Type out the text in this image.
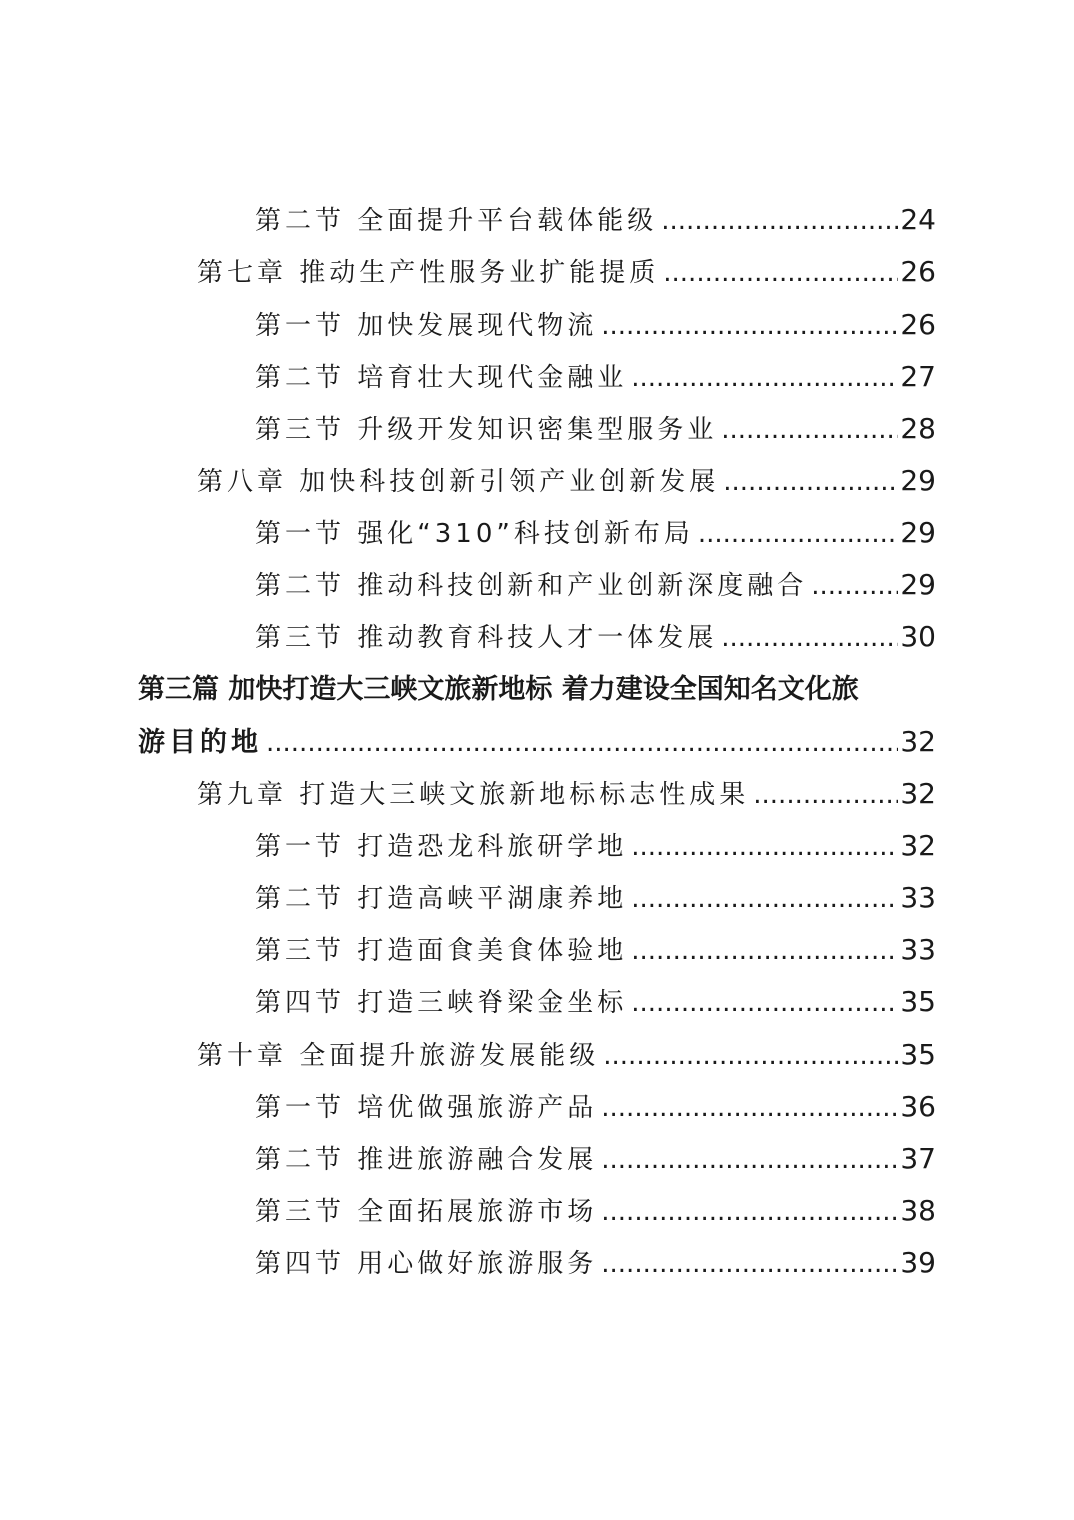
第二节 全面提升平台载体能级 .....	24
第七章 推动生产性服务业扩能提质 .....	26
第一节 加快发展现代物流 .....	26
第二节 培育壮大现代金融业 .....	27
第三节 升级开发知识密集型服务业 .....	28
第八章 加快科技创新引领产业创新发展 .....	29
第一节 强化“310”科技创新布局 .....	29
第二节 推动科技创新和产业创新深度融合 .....	29
第三节 推动教育科技人才一体发展 .....	30
第三篇 加快打造大三峡文旅新地标 着力建设全国知名文化旅
游目的地 .....	32
第九章 打造大三峡文旅新地标标志性成果 .....	32
第一节 打造恐龙科旅研学地 .....	32
第二节 打造高峡平湖康养地 .....	33
第三节 打造面食美食体验地 .....	33
第四节 打造三峡脊梁金坐标 .....	35
第十章 全面提升旅游发展能级 .....	35
第一节 培优做强旅游产品 .....	36
第二节 推进旅游融合发展 .....	37
第三节 全面拓展旅游市场 .....	38
第四节 用心做好旅游服务 .....	39
